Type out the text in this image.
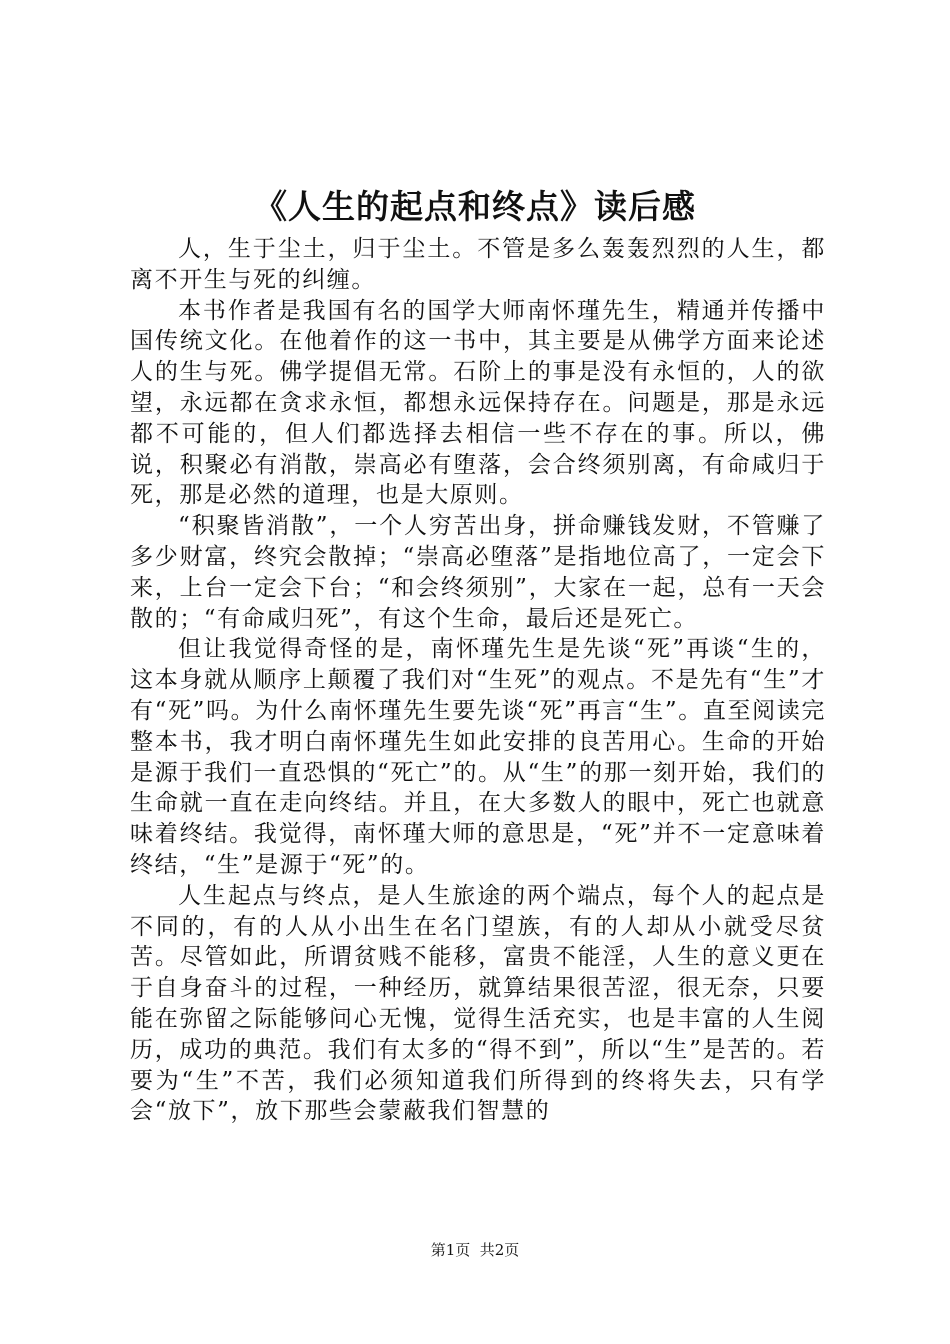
《人生的起点和终点》读后感

人，生于尘土，归于尘土。不管是多么轰轰烈烈的人生，都离不开生与死的纠缠。

本书作者是我国有名的国学大师南怀瑾先生，精通并传播中国传统文化。在他着作的这一书中，其主要是从佛学方面来论述人的生与死。佛学提倡无常。石阶上的事是没有永恒的，人的欲望，永远都在贪求永恒，都想永远保持存在。问题是，那是永远都不可能的，但人们都选择去相信一些不存在的事。所以，佛说，积聚必有消散，崇高必有堕落，会合终须别离，有命咸归于死，那是必然的道理，也是大原则。

“积聚皆消散”，一个人穷苦出身，拼命赚钱发财，不管赚了多少财富，终究会散掉；“崇高必堕落”是指地位高了，一定会下来，上台一定会下台；“和会终须别”，大家在一起，总有一天会散的；“有命咸归死”，有这个生命，最后还是死亡。

但让我觉得奇怪的是，南怀瑾先生是先谈“死”再谈“生的，这本身就从顺序上颠覆了我们对“生死”的观点。不是先有“生”才有“死”吗。为什么南怀瑾先生要先谈“死”再言“生”。直至阅读完整本书，我才明白南怀瑾先生如此安排的良苦用心。生命的开始是源于我们一直恐惧的“死亡”的。从“生”的那一刻开始，我们的生命就一直在走向终结。并且，在大多数人的眼中，死亡也就意味着终结。我觉得，南怀瑾大师的意思是，“死”并不一定意味着终结，“生”是源于“死”的。

人生起点与终点，是人生旅途的两个端点，每个人的起点是不同的，有的人从小出生在名门望族，有的人却从小就受尽贫苦。尽管如此，所谓贫贱不能移，富贵不能淫，人生的意义更在于自身奋斗的过程，一种经历，就算结果很苦涩，很无奈，只要能在弥留之际能够问心无愧，觉得生活充实，也是丰富的人生阅历，成功的典范。我们有太多的“得不到”，所以“生”是苦的。若要为“生”不苦，我们必须知道我们所得到的终将失去，只有学会“放下”，放下那些会蒙蔽我们智慧的

第1页  共2页
